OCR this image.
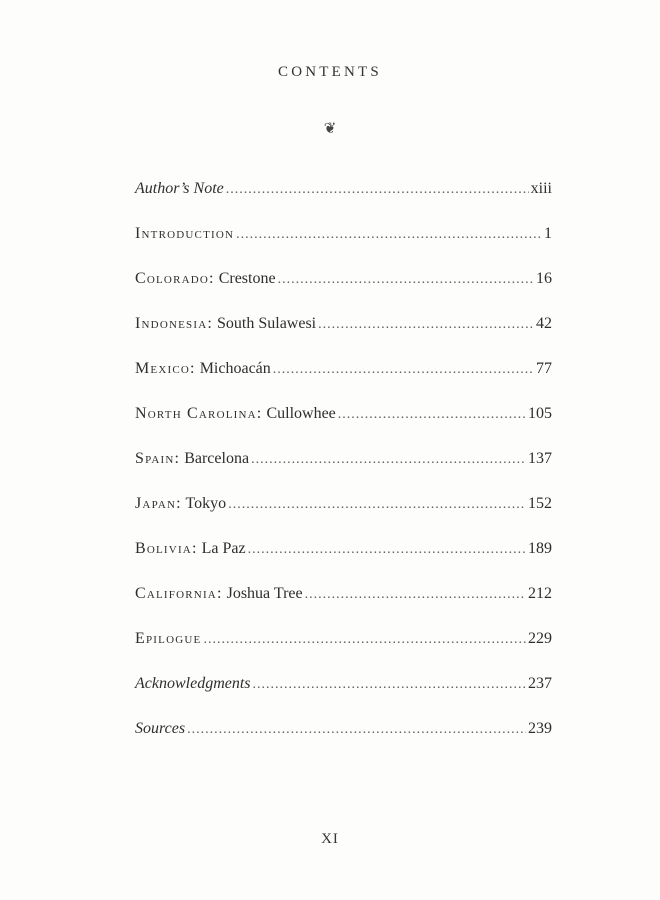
CONTENTS
❦
Author’s Note .....	xiii
Introduction .....	1
Colorado: Crestone .....	16
Indonesia: South Sulawesi .....	42
Mexico: Michoacán .....	77
North Carolina: Cullowhee .....	105
Spain: Barcelona .....	137
Japan: Tokyo .....	152
Bolivia: La Paz .....	189
California: Joshua Tree .....	212
Epilogue .....	229
Acknowledgments .....	237
Sources .....	239
XI
